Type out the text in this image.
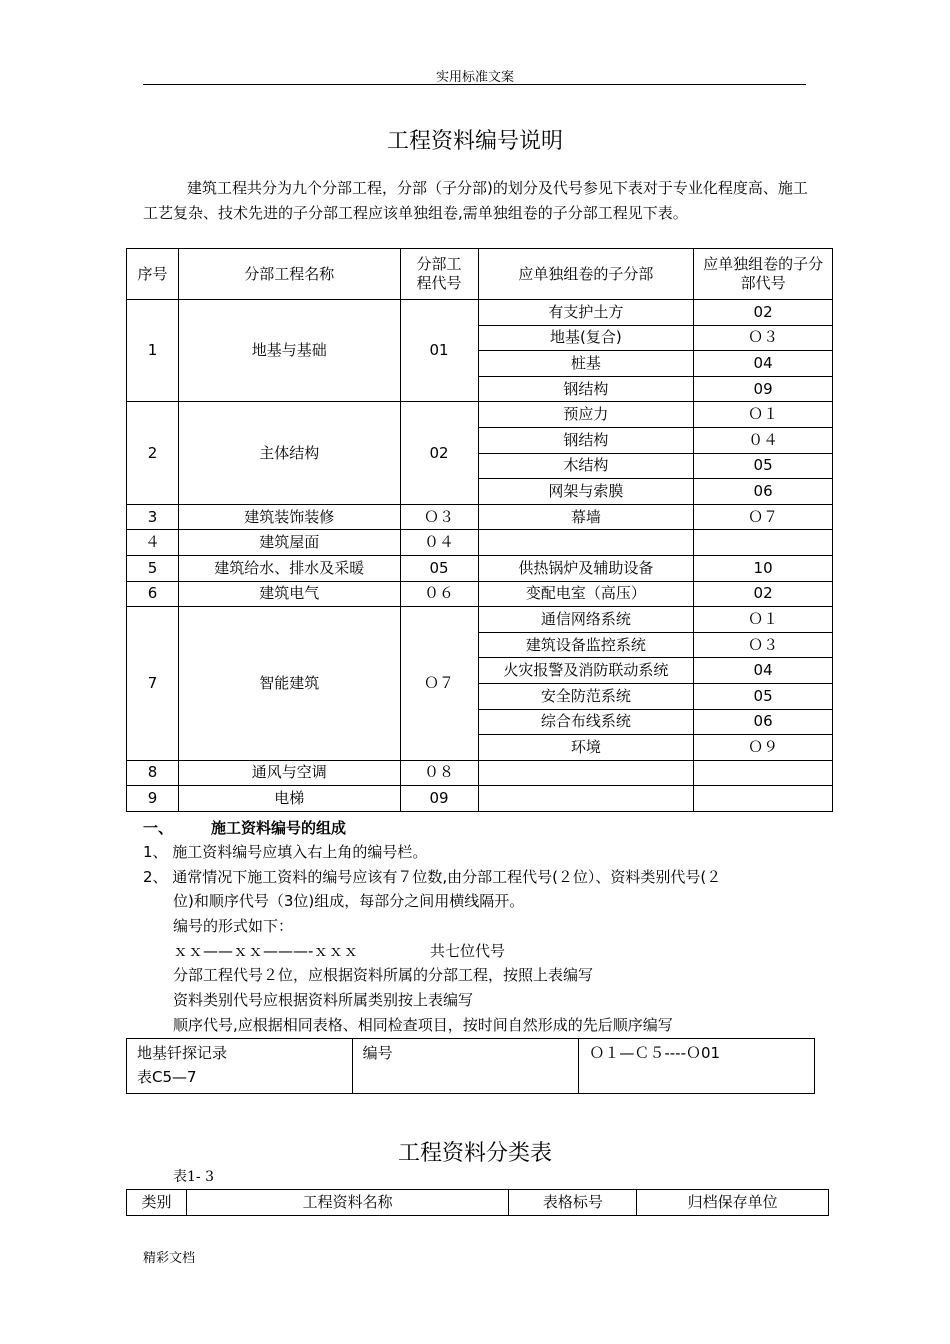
实用标准文案
工程资料编号说明
建筑工程共分为九个分部工程，分部（子分部)的划分及代号参见下表对于专业化程度高、施工工艺复杂、技术先进的子分部工程应该单独组卷,需单独组卷的子分部工程见下表。
序号	分部工程名称	分部工程代号	应单独组卷的子分部	应单独组卷的子分部代号
1	地基与基础	01	有支护土方	02
			地基(复合)	Ｏ３
			桩基	04
			钢结构	09
2	主体结构	02	预应力	Ｏ１
			钢结构	０４
			木结构	05
			网架与索膜	06
3	建筑装饰装修	Ｏ３	幕墙	Ｏ７
４	建筑屋面	０４		
5	建筑给水、排水及采暖	05	供热锅炉及辅助设备	10
6	建筑电气	０６	变配电室（高压）	02
7	智能建筑	Ｏ７	通信网络系统	Ｏ１
			建筑设备监控系统	Ｏ３
			火灾报警及消防联动系统	04
			安全防范系统	05
			综合布线系统	06
			环境	Ｏ９
8	通风与空调	０８		
9	电梯	09		
一、	施工资料编号的组成
1、 施工资料编号应填入右上角的编号栏。
2、 通常情况下施工资料的编号应该有７位数,由分部工程代号(２位）、资料类别代号(２
位)和顺序代号（3位)组成，每部分之间用横线隔开。
编号的形式如下：
ｘｘ——ｘｘ———-ｘｘｘ	共七位代号
分部工程代号２位，应根据资料所属的分部工程，按照上表编写
资料类别代号应根据资料所属类别按上表编写
顺序代号,应根据相同表格、相同检查项目，按时间自然形成的先后顺序编写
地基钎探记录
表C5—7	编号	Ｏ１—Ｃ５----Ｏ01
工程资料分类表
表1- 3
类别	工程资料名称	表格标号	归档保存单位
精彩文档
